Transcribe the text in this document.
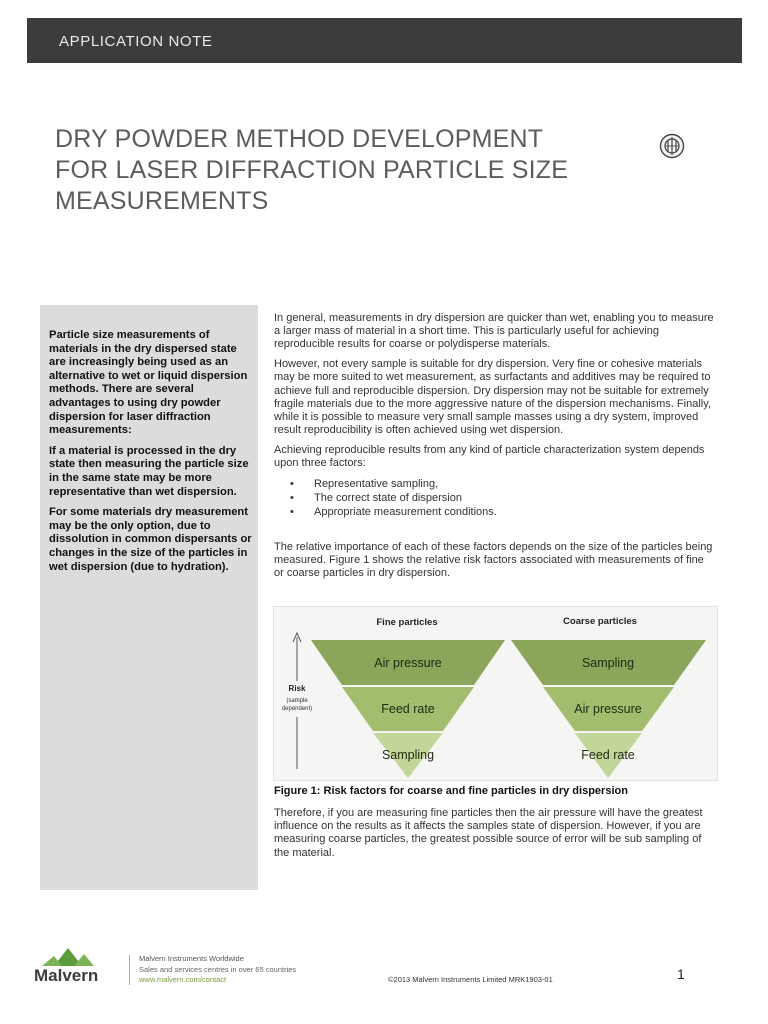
APPLICATION NOTE
DRY POWDER METHOD DEVELOPMENT
FOR LASER DIFFRACTION PARTICLE SIZE
MEASUREMENTS

Particle size measurements of materials in the dry dispersed state are increasingly being used as an alternative to wet or liquid dispersion methods. There are several advantages to using dry powder dispersion for laser diffraction measurements:

If a material is processed in the dry state then measuring the particle size in the same state may be more representative than wet dispersion.

For some materials dry measurement may be the only option, due to dissolution in common dispersants or changes in the size of the particles in wet dispersion (due to hydration).

In general, measurements in dry dispersion are quicker than wet, enabling you to measure a larger mass of material in a short time. This is particularly useful for achieving reproducible results for coarse or polydisperse materials.

However, not every sample is suitable for dry dispersion. Very fine or cohesive materials may be more suited to wet measurement, as surfactants and additives may be required to achieve full and reproducible dispersion. Dry dispersion may not be suitable for extremely fragile materials due to the more aggressive nature of the dispersion mechanisms. Finally, while it is possible to measure very small sample masses using a dry system, improved result reproducibility is often achieved using wet dispersion.

Achieving reproducible results from any kind of particle characterization system depends upon three factors:

• Representative sampling,
• The correct state of dispersion
• Appropriate measurement conditions.

The relative importance of each of these factors depends on the size of the particles being measured. Figure 1 shows the relative risk factors associated with measurements of fine or coarse particles in dry dispersion.

Fine particles	Coarse particles
Risk
(sample
dependent)
Air pressure
Feed rate
Sampling
Sampling
Air pressure
Feed rate
Figure 1: Risk factors for coarse and fine particles in dry dispersion

Therefore, if you are measuring fine particles then the air pressure will have the greatest influence on the results as it affects the samples state of dispersion. However, if you are measuring coarse particles, the greatest possible source of error will be sub sampling of the material.

Malvern
Malvern Instruments Worldwide
Sales and services centres in over 65 countries
www.malvern.com/contact	©2013 Malvern Instruments Limited MRK1903-01	1
